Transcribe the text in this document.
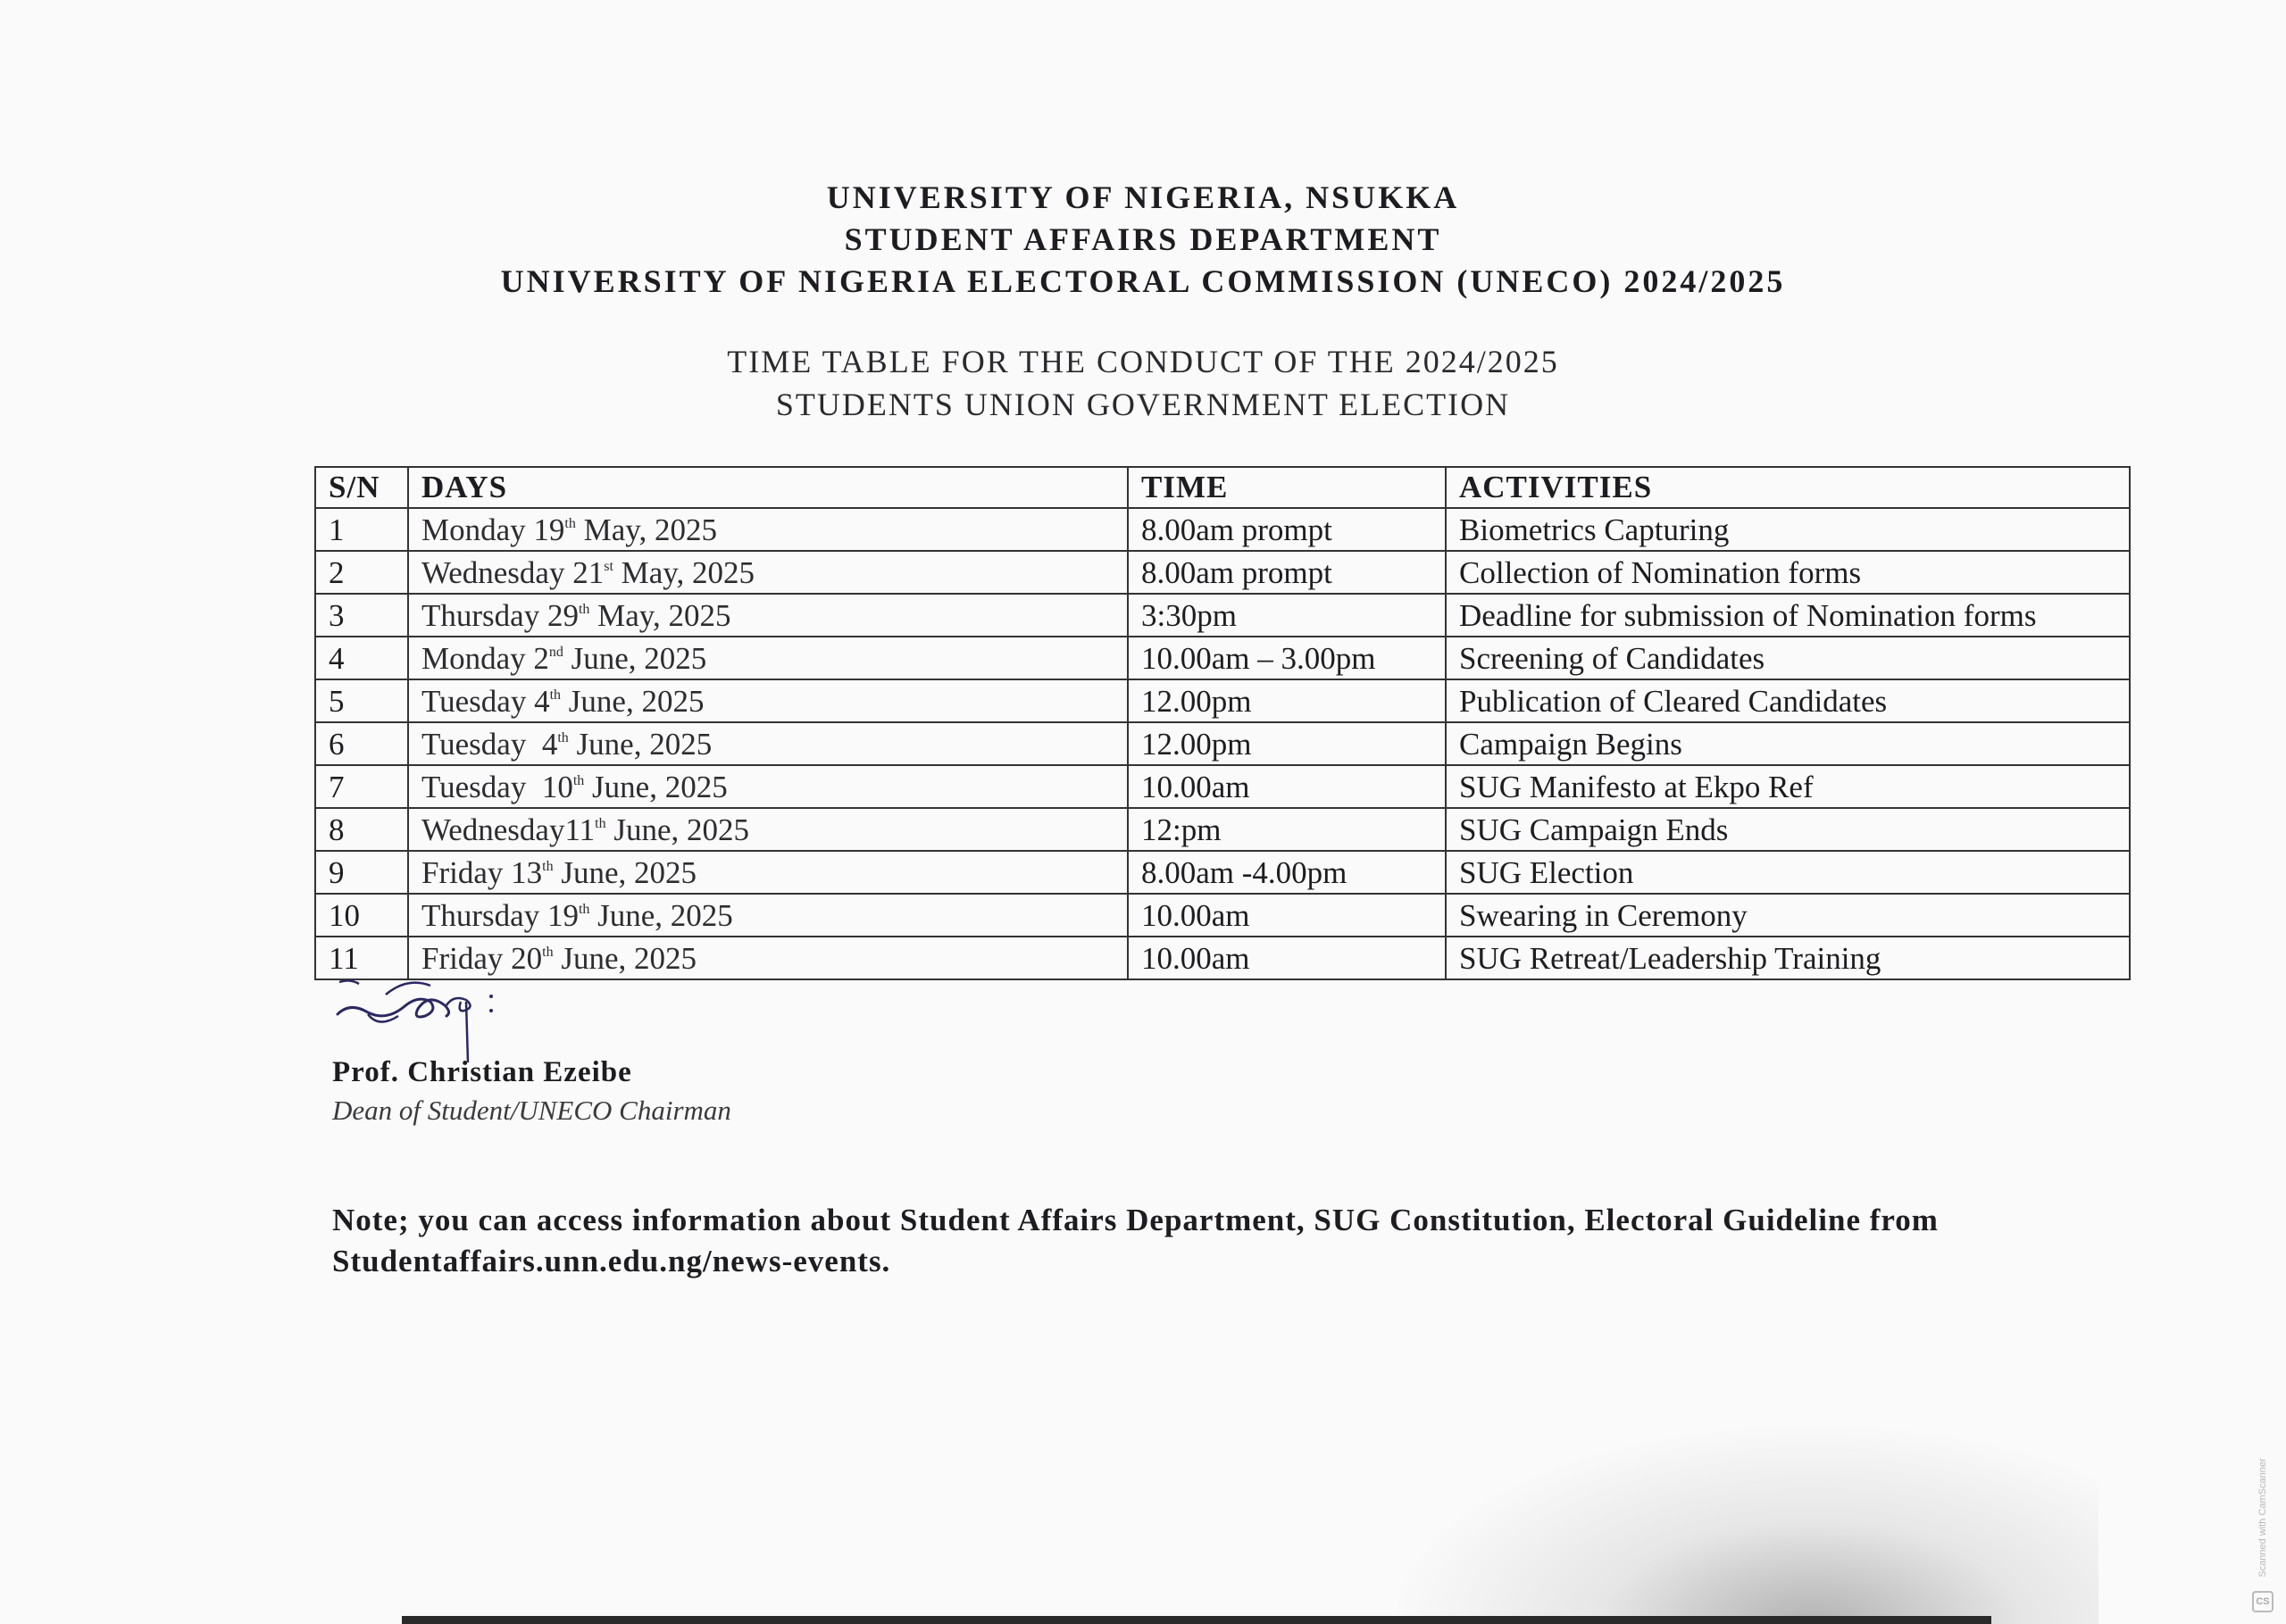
UNIVERSITY OF NIGERIA, NSUKKA
STUDENT AFFAIRS DEPARTMENT
UNIVERSITY OF NIGERIA ELECTORAL COMMISSION (UNECO) 2024/2025
TIME TABLE FOR THE CONDUCT OF THE 2024/2025
STUDENTS UNION GOVERNMENT ELECTION
S/N	DAYS	TIME	ACTIVITIES
1	Monday 19th May, 2025	8.00am prompt	Biometrics Capturing
2	Wednesday 21st May, 2025	8.00am prompt	Collection of Nomination forms
3	Thursday 29th May, 2025	3:30pm	Deadline for submission of Nomination forms
4	Monday 2nd June, 2025	10.00am – 3.00pm	Screening of Candidates
5	Tuesday 4th June, 2025	12.00pm	Publication of Cleared Candidates
6	Tuesday  4th June, 2025	12.00pm	Campaign Begins
7	Tuesday  10th June, 2025	10.00am	SUG Manifesto at Ekpo Ref
8	Wednesday11th June, 2025	12:pm	SUG Campaign Ends
9	Friday 13th June, 2025	8.00am -4.00pm	SUG Election
10	Thursday 19th June, 2025	10.00am	Swearing in Ceremony
11	Friday 20th June, 2025	10.00am	SUG Retreat/Leadership Training
Prof. Christian Ezeibe
Dean of Student/UNECO Chairman
Note; you can access information about Student Affairs Department, SUG Constitution, Electoral Guideline from
Studentaffairs.unn.edu.ng/news-events.
Scanned with CamScanner
CS
